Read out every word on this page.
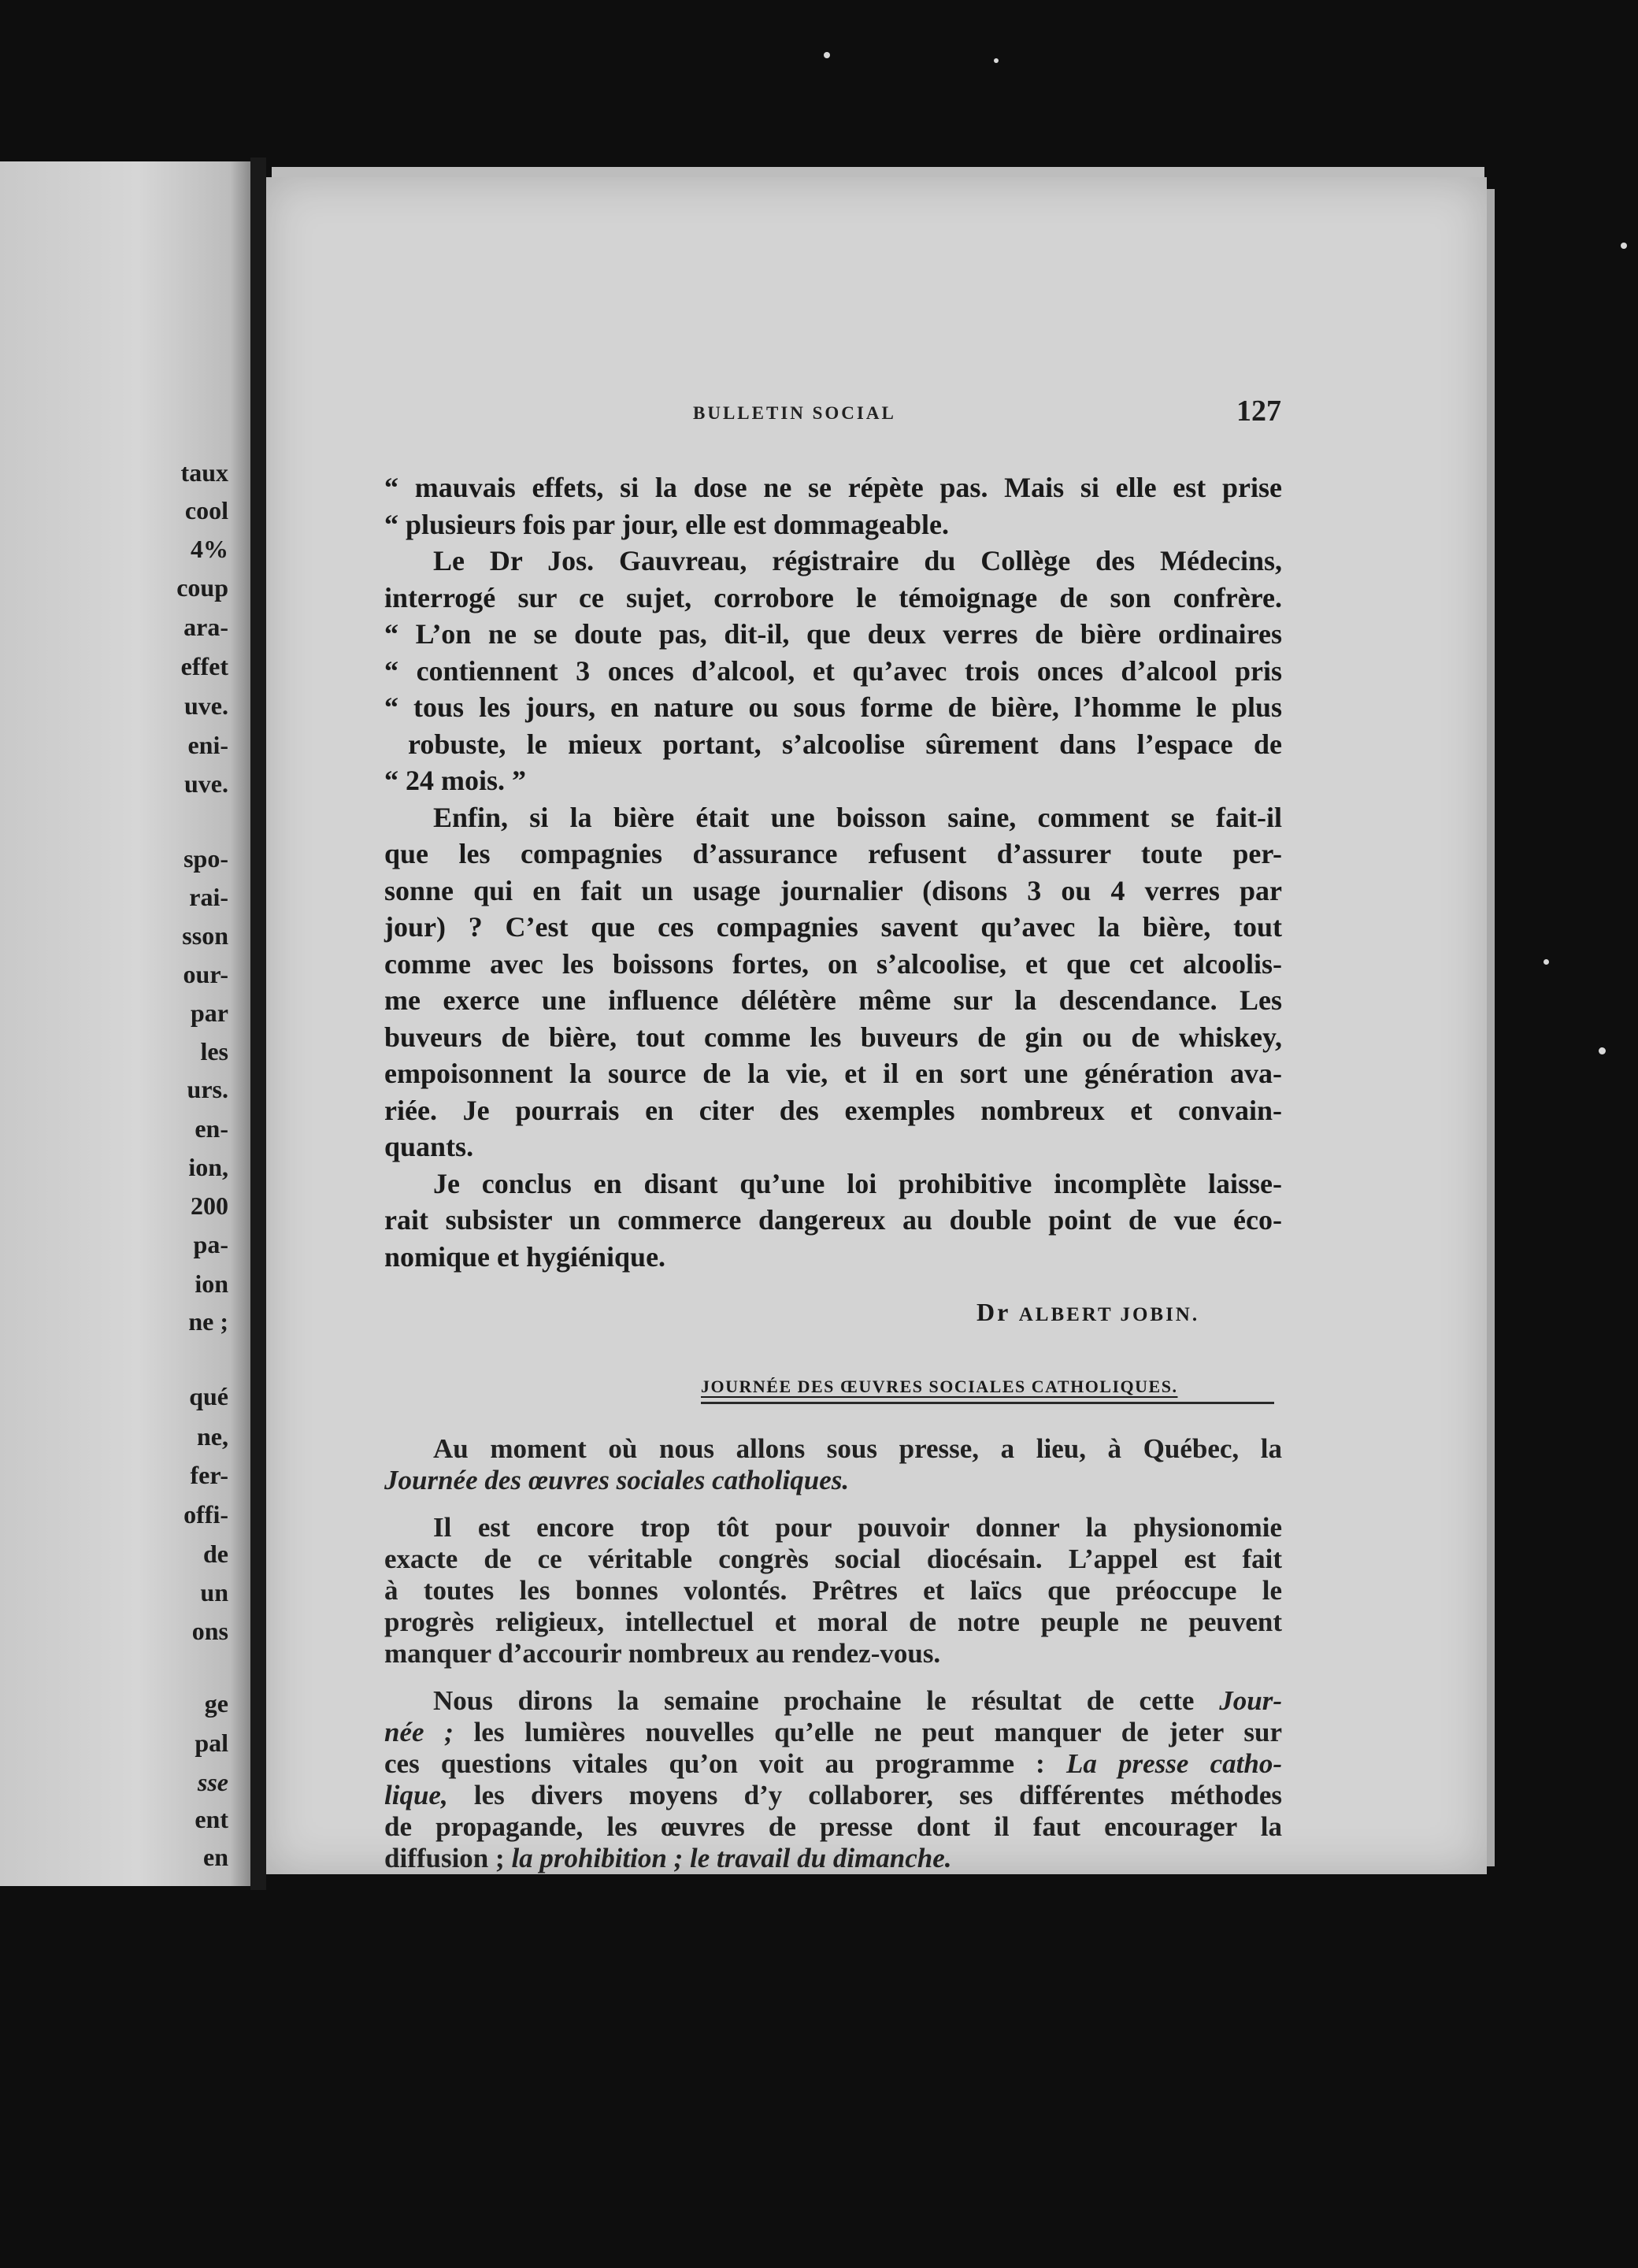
BULLETIN SOCIAL	127
“ mauvais effets, si la dose ne se répète pas. Mais si elle est prise
“ plusieurs fois par jour, elle est dommageable.
Le Dr Jos. Gauvreau, régistraire du Collège des Médecins,
interrogé sur ce sujet, corrobore le témoignage de son confrère.
“ L’on ne se doute pas, dit-il, que deux verres de bière ordinaires
“ contiennent 3 onces d’alcool, et qu’avec trois onces d’alcool pris
“ tous les jours, en nature ou sous forme de bière, l’homme le plus
robuste, le mieux portant, s’alcoolise sûrement dans l’espace de
“ 24 mois. ”
Enfin, si la bière était une boisson saine, comment se fait-il
que les compagnies d’assurance refusent d’assurer toute per-
sonne qui en fait un usage journalier (disons 3 ou 4 verres par
jour) ? C’est que ces compagnies savent qu’avec la bière, tout
comme avec les boissons fortes, on s’alcoolise, et que cet alcoolis-
me exerce une influence délétère même sur la descendance. Les
buveurs de bière, tout comme les buveurs de gin ou de whiskey,
empoisonnent la source de la vie, et il en sort une génération ava-
riée. Je pourrais en citer des exemples nombreux et convain-
quants.
Je conclus en disant qu’une loi prohibitive incomplète laisse-
rait subsister un commerce dangereux au double point de vue éco-
nomique et hygiénique.
Dr ALBERT JOBIN.
JOURNÉE DES ŒUVRES SOCIALES CATHOLIQUES.
Au moment où nous allons sous presse, a lieu, à Québec, la
Journée des œuvres sociales catholiques.
Il est encore trop tôt pour pouvoir donner la physionomie
exacte de ce véritable congrès social diocésain. L’appel est fait
à toutes les bonnes volontés. Prêtres et laïcs que préoccupe le
progrès religieux, intellectuel et moral de notre peuple ne peuvent
manquer d’accourir nombreux au rendez-vous.
Nous dirons la semaine prochaine le résultat de cette Jour-
née ; les lumières nouvelles qu’elle ne peut manquer de jeter sur
ces questions vitales qu’on voit au programme : La presse catho-
lique, les divers moyens d’y collaborer, ses différentes méthodes
de propagande, les œuvres de presse dont il faut encourager la
diffusion ; la prohibition ; le travail du dimanche.
taux
cool
4%
coup
ara-
effet
uve.
eni-
uve.
spo-
rai-
sson
our-
par
les
urs.
en-
ion,
200
pa-
ion
ne ;
qué
ne,
fer-
offi-
de
un
ons
ge
pal
sse
ent
en
